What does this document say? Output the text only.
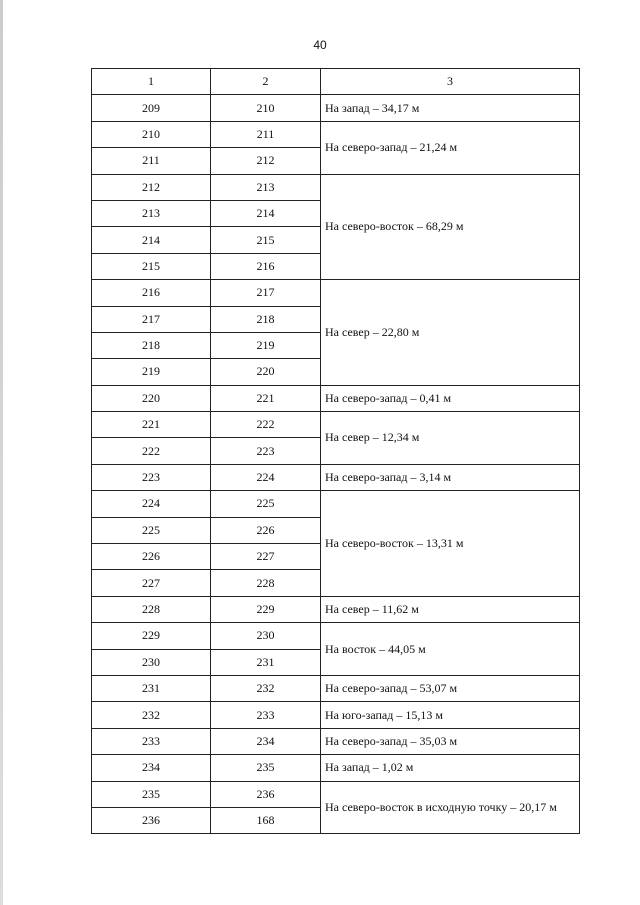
40
1	2	3
209	210	На запад – 34,17 м
210	211	На северо-запад – 21,24 м
211	212	
212	213	На северо-восток – 68,29 м
213	214	
214	215	
215	216	
216	217	На север – 22,80 м
217	218	
218	219	
219	220	
220	221	На северо-запад – 0,41 м
221	222	На север – 12,34 м
222	223	
223	224	На северо-запад – 3,14 м
224	225	На северо-восток – 13,31 м
225	226	
226	227	
227	228	
228	229	На север – 11,62 м
229	230	На восток – 44,05 м
230	231	
231	232	На северо-запад – 53,07 м
232	233	На юго-запад – 15,13 м
233	234	На северо-запад – 35,03 м
234	235	На запад – 1,02 м
235	236	На северо-восток в исходную точку – 20,17 м
236	168	
